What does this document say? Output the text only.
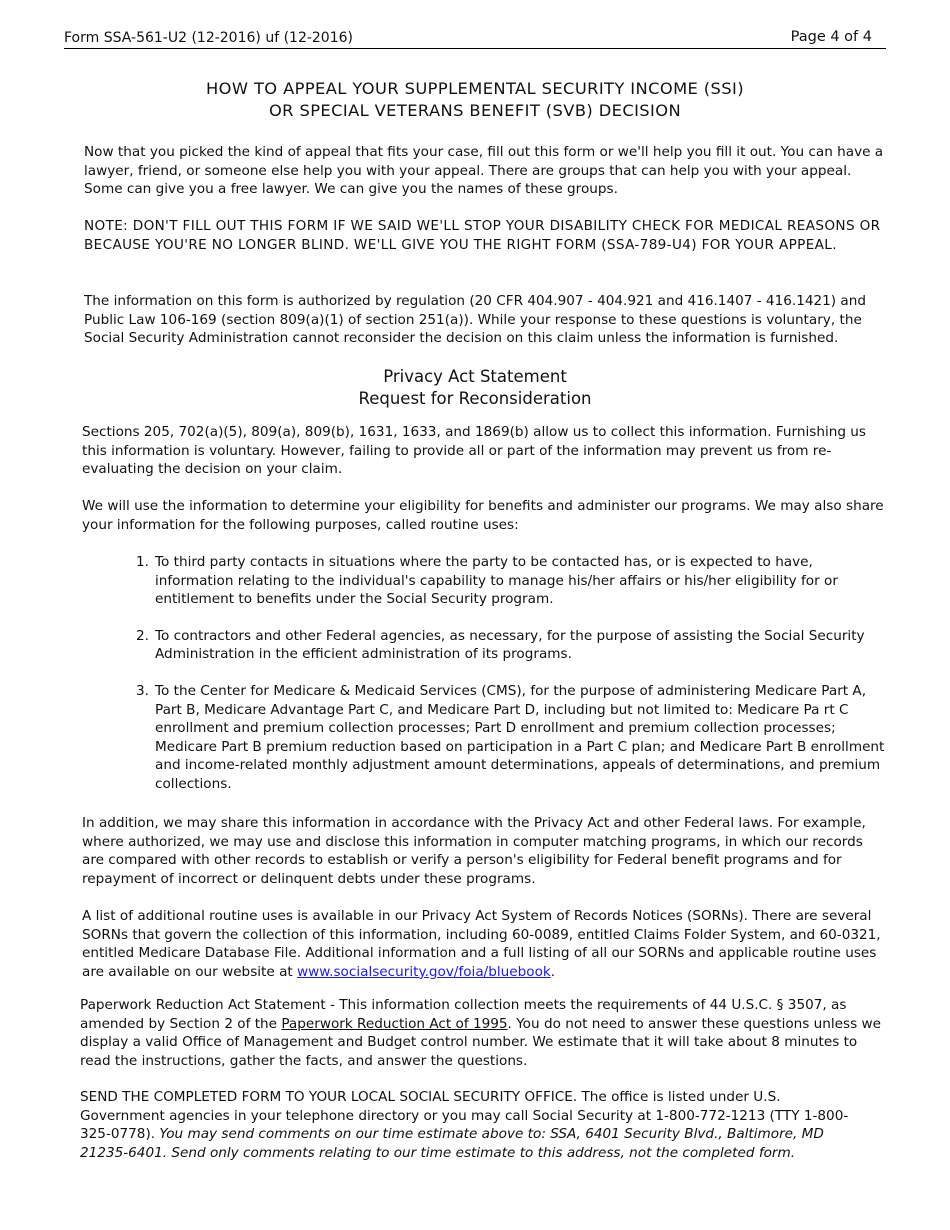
Form SSA-561-U2 (12-2016) uf (12-2016)	Page 4 of 4
HOW TO APPEAL YOUR SUPPLEMENTAL SECURITY INCOME (SSI)
OR SPECIAL VETERANS BENEFIT (SVB) DECISION

Now that you picked the kind of appeal that fits your case, fill out this form or we'll help you fill it out. You can have a lawyer, friend, or someone else help you with your appeal. There are groups that can help you with your appeal. Some can give you a free lawyer. We can give you the names of these groups.

NOTE: DON'T FILL OUT THIS FORM IF WE SAID WE'LL STOP YOUR DISABILITY CHECK FOR MEDICAL REASONS OR BECAUSE YOU'RE NO LONGER BLIND. WE'LL GIVE YOU THE RIGHT FORM (SSA-789-U4) FOR YOUR APPEAL.

The information on this form is authorized by regulation (20 CFR 404.907 - 404.921 and 416.1407 - 416.1421) and Public Law 106-169 (section 809(a)(1) of section 251(a)). While your response to these questions is voluntary, the Social Security Administration cannot reconsider the decision on this claim unless the information is furnished.

Privacy Act Statement
Request for Reconsideration

Sections 205, 702(a)(5), 809(a), 809(b), 1631, 1633, and 1869(b) allow us to collect this information. Furnishing us this information is voluntary. However, failing to provide all or part of the information may prevent us from re-evaluating the decision on your claim.

We will use the information to determine your eligibility for benefits and administer our programs. We may also share your information for the following purposes, called routine uses:

1. To third party contacts in situations where the party to be contacted has, or is expected to have, information relating to the individual's capability to manage his/her affairs or his/her eligibility for or entitlement to benefits under the Social Security program.
2. To contractors and other Federal agencies, as necessary, for the purpose of assisting the Social Security Administration in the efficient administration of its programs.
3. To the Center for Medicare & Medicaid Services (CMS), for the purpose of administering Medicare Part A, Part B, Medicare Advantage Part C, and Medicare Part D, including but not limited to: Medicare Pa rt C enrollment and premium collection processes; Part D enrollment and premium collection processes; Medicare Part B premium reduction based on participation in a Part C plan; and Medicare Part B enrollment and income-related monthly adjustment amount determinations, appeals of determinations, and premium collections.

In addition, we may share this information in accordance with the Privacy Act and other Federal laws. For example, where authorized, we may use and disclose this information in computer matching programs, in which our records are compared with other records to establish or verify a person's eligibility for Federal benefit programs and for repayment of incorrect or delinquent debts under these programs.

A list of additional routine uses is available in our Privacy Act System of Records Notices (SORNs). There are several SORNs that govern the collection of this information, including 60-0089, entitled Claims Folder System, and 60-0321, entitled Medicare Database File. Additional information and a full listing of all our SORNs and applicable routine uses are available on our website at www.socialsecurity.gov/foia/bluebook.

Paperwork Reduction Act Statement - This information collection meets the requirements of 44 U.S.C. § 3507, as amended by Section 2 of the Paperwork Reduction Act of 1995. You do not need to answer these questions unless we display a valid Office of Management and Budget control number. We estimate that it will take about 8 minutes to read the instructions, gather the facts, and answer the questions.

SEND THE COMPLETED FORM TO YOUR LOCAL SOCIAL SECURITY OFFICE. The office is listed under U.S. Government agencies in your telephone directory or you may call Social Security at 1-800-772-1213 (TTY 1-800-325-0778). You may send comments on our time estimate above to: SSA, 6401 Security Blvd., Baltimore, MD 21235-6401. Send only comments relating to our time estimate to this address, not the completed form.
